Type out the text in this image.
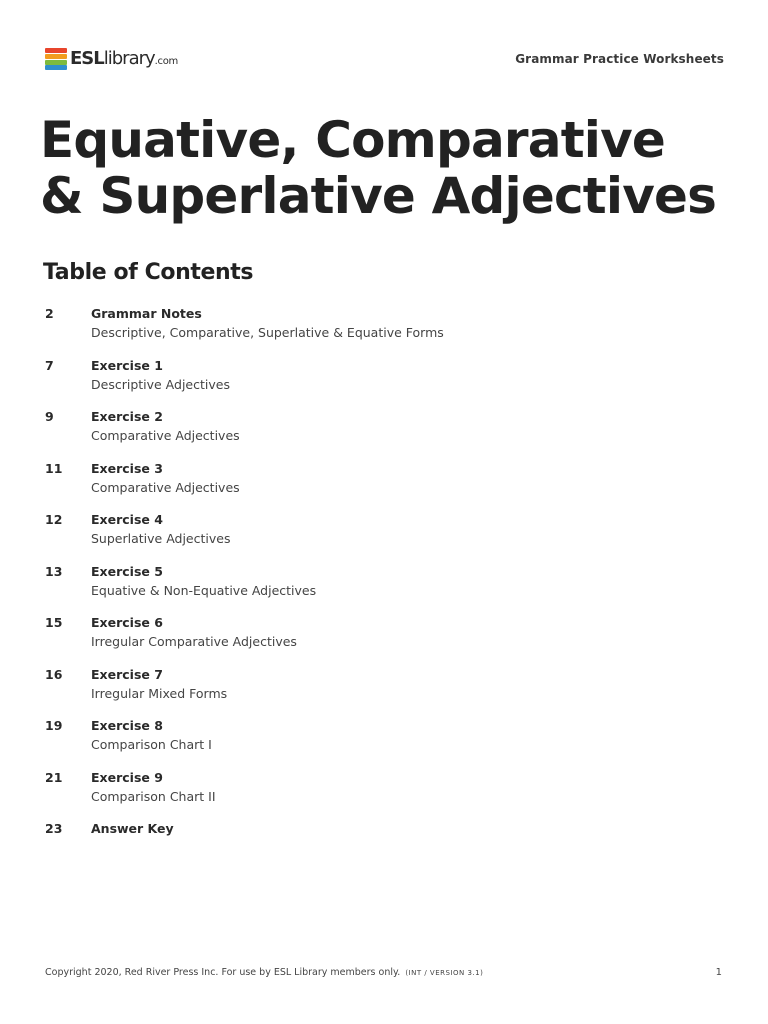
ESLlibrary.com	Grammar Practice Worksheets
Equative, Comparative
& Superlative Adjectives
Table of Contents
2	Grammar Notes
Descriptive, Comparative, Superlative & Equative Forms
7	Exercise 1
Descriptive Adjectives
9	Exercise 2
Comparative Adjectives
11 Exercise 3
Comparative Adjectives
12 Exercise 4
Superlative Adjectives
13 Exercise 5
Equative & Non-Equative Adjectives
15 Exercise 6
Irregular Comparative Adjectives
16 Exercise 7
Irregular Mixed Forms
19 Exercise 8
Comparison Chart I
21 Exercise 9
Comparison Chart II
23 Answer Key
Copyright 2020, Red River Press Inc. For use by ESL Library members only. (INT / VERSION 3.1)	1
